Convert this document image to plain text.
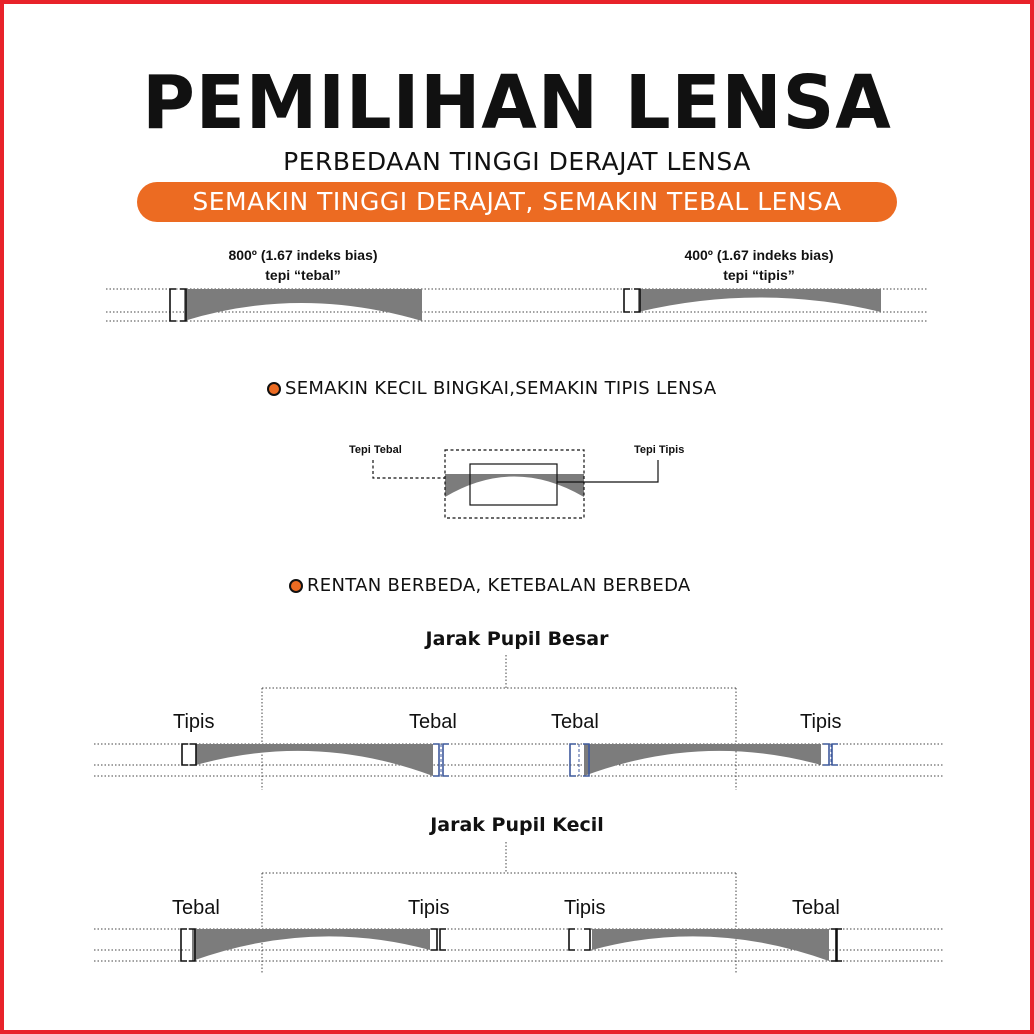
PEMILIHAN LENSA
PERBEDAAN TINGGI DERAJAT LENSA
SEMAKIN TINGGI DERAJAT, SEMAKIN TEBAL LENSA
800º (1.67 indeks bias)
tepi “tebal”
400º (1.67 indeks bias)
tepi “tipis”
SEMAKIN KECIL BINGKAI,SEMAKIN TIPIS LENSA
Tepi Tebal	Tepi Tipis
RENTAN BERBEDA, KETEBALAN BERBEDA
Jarak Pupil Besar
Tipis	Tebal	Tebal	Tipis
Jarak Pupil Kecil
Tebal	Tipis	Tipis	Tebal
